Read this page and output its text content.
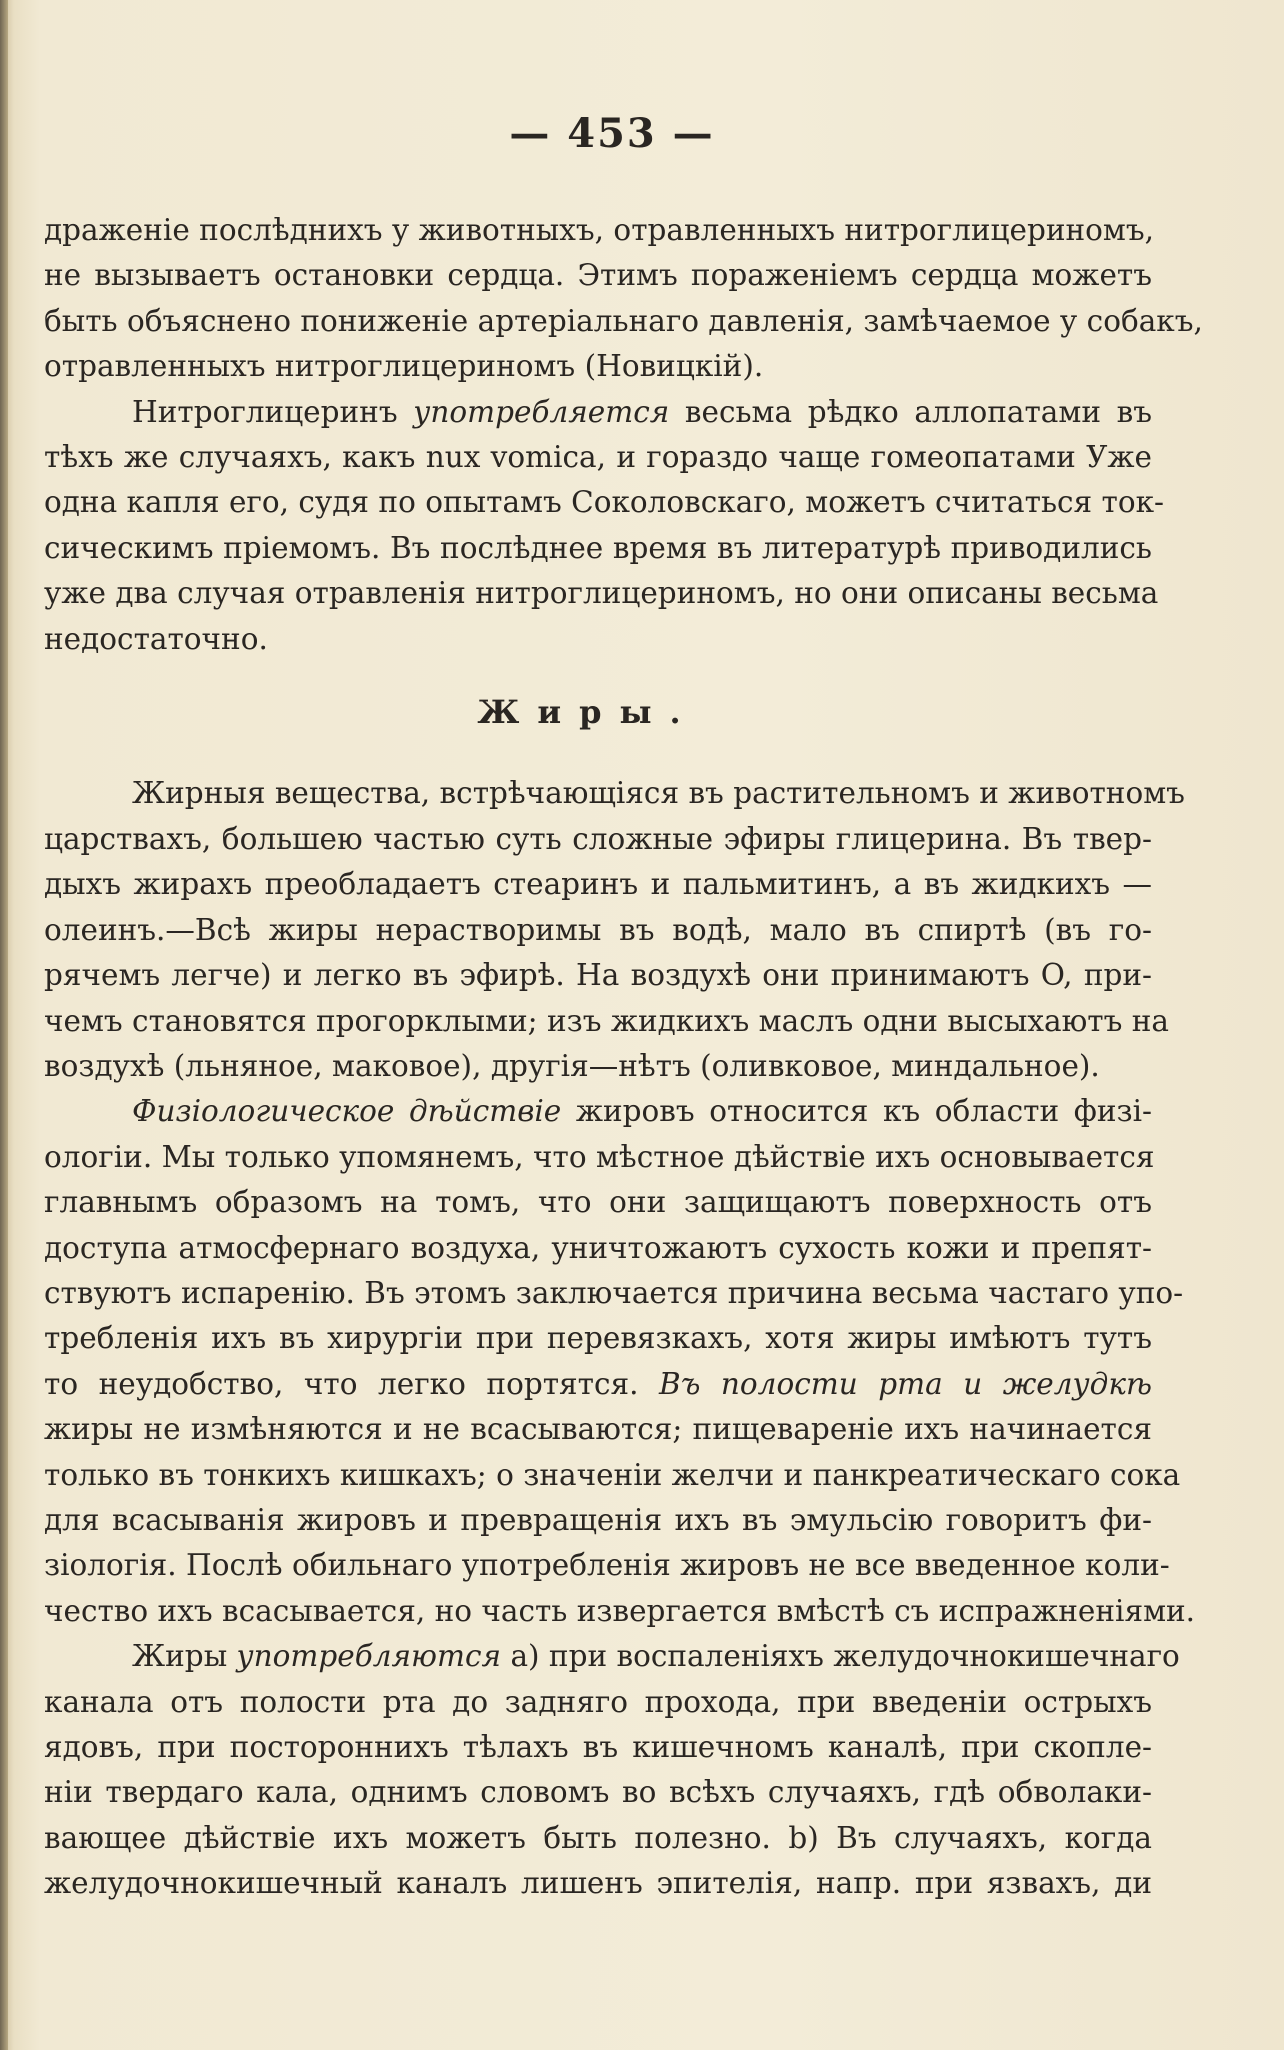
— 453 —

драженіе послѣднихъ у животныхъ, отравленныхъ нитроглицериномъ,
не вызываетъ остановки сердца. Этимъ пораженіемъ сердца можетъ
быть объяснено пониженіе артеріальнаго давленія, замѣчаемое у собакъ,
отравленныхъ нитроглицериномъ (Новицкій).

Нитроглицеринъ употребляется весьма рѣдко аллопатами въ
тѣхъ же случаяхъ, какъ nux vomica, и гораздо чаще гомеопатами Уже
одна капля его, судя по опытамъ Соколовскаго, можетъ считаться ток-
сическимъ пріемомъ. Въ послѣднее время въ литературѣ приводились
уже два случая отравленія нитроглицериномъ, но они описаны весьма
недостаточно.

Жиры.

Жирныя вещества, встрѣчающіяся въ растительномъ и животномъ
царствахъ, большею частью суть сложные эфиры глицерина. Въ твер-
дыхъ жирахъ преобладаетъ стеаринъ и пальмитинъ, а въ жидкихъ —
олеинъ.—Всѣ жиры нерастворимы въ водѣ, мало въ спиртѣ (въ го-
рячемъ легче) и легко въ эфирѣ. На воздухѣ они принимаютъ O, при-
чемъ становятся прогорклыми; изъ жидкихъ маслъ одни высыхаютъ на
воздухѣ (льняное, маковое), другія—нѣтъ (оливковое, миндальное).

Физіологическое дѣйствіе жировъ относится къ области физі-
ологіи. Мы только упомянемъ, что мѣстное дѣйствіе ихъ основывается
главнымъ образомъ на томъ, что они защищаютъ поверхность отъ
доступа атмосфернаго воздуха, уничтожаютъ сухость кожи и препят-
ствуютъ испаренію. Въ этомъ заключается причина весьма частаго упо-
требленія ихъ въ хирургіи при перевязкахъ, хотя жиры имѣютъ тутъ
то неудобство, что легко портятся. Въ полости рта и желудкѣ
жиры не измѣняются и не всасываются; пищевареніе ихъ начинается
только въ тонкихъ кишкахъ; о значеніи желчи и панкреатическаго сока
для всасыванія жировъ и превращенія ихъ въ эмульсію говоритъ фи-
зіологія. Послѣ обильнаго употребленія жировъ не все введенное коли-
чество ихъ всасывается, но часть извергается вмѣстѣ съ испражненіями.

Жиры употребляются a) при воспаленіяхъ желудочнокишечнаго
канала отъ полости рта до задняго прохода, при введеніи острыхъ
ядовъ, при постороннихъ тѣлахъ въ кишечномъ каналѣ, при скопле-
ніи твердаго кала, однимъ словомъ во всѣхъ случаяхъ, гдѣ обволаки-
вающее дѣйствіе ихъ можетъ быть полезно. b) Въ случаяхъ, когда
желудочнокишечный каналъ лишенъ эпителія, напр. при язвахъ, ди
